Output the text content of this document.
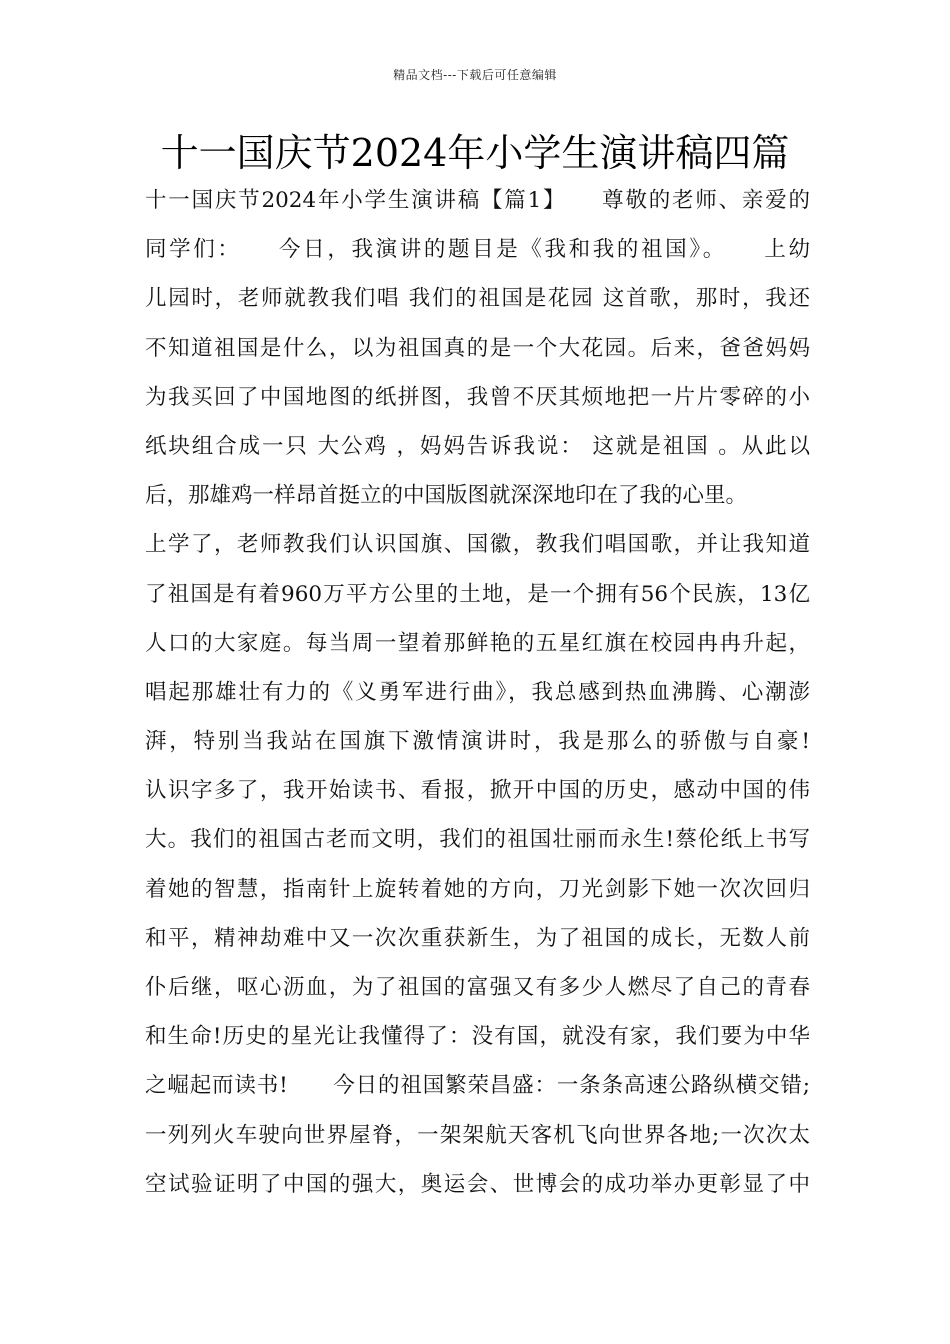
精品文档---下载后可任意编辑
十一国庆节2024年小学生演讲稿四篇
十一国庆节2024年小学生演讲稿【篇1】　　尊敬的老师、亲爱的
同学们：　　今日，我演讲的题目是《我和我的祖国》。　　上幼
儿园时，老师就教我们唱 我们的祖国是花园 这首歌，那时，我还
不知道祖国是什么，以为祖国真的是一个大花园。后来，爸爸妈妈
为我买回了中国地图的纸拼图，我曾不厌其烦地把一片片零碎的小
纸块组合成一只 大公鸡 ，妈妈告诉我说： 这就是祖国 。从此以
后，那雄鸡一样昂首挺立的中国版图就深深地印在了我的心里。
上学了，老师教我们认识国旗、国徽，教我们唱国歌，并让我知道
了祖国是有着960万平方公里的土地，是一个拥有56个民族，13亿
人口的大家庭。每当周一望着那鲜艳的五星红旗在校园冉冉升起，
唱起那雄壮有力的《义勇军进行曲》，我总感到热血沸腾、心潮澎
湃，特别当我站在国旗下激情演讲时，我是那么的骄傲与自豪!
认识字多了，我开始读书、看报，掀开中国的历史，感动中国的伟
大。我们的祖国古老而文明，我们的祖国壮丽而永生!蔡伦纸上书写
着她的智慧，指南针上旋转着她的方向，刀光剑影下她一次次回归
和平，精神劫难中又一次次重获新生，为了祖国的成长，无数人前
仆后继，呕心沥血，为了祖国的富强又有多少人燃尽了自己的青春
和生命!历史的星光让我懂得了：没有国，就没有家，我们要为中华
之崛起而读书!　　今日的祖国繁荣昌盛：一条条高速公路纵横交错;
一列列火车驶向世界屋脊，一架架航天客机飞向世界各地;一次次太
空试验证明了中国的强大，奥运会、世博会的成功举办更彰显了中
